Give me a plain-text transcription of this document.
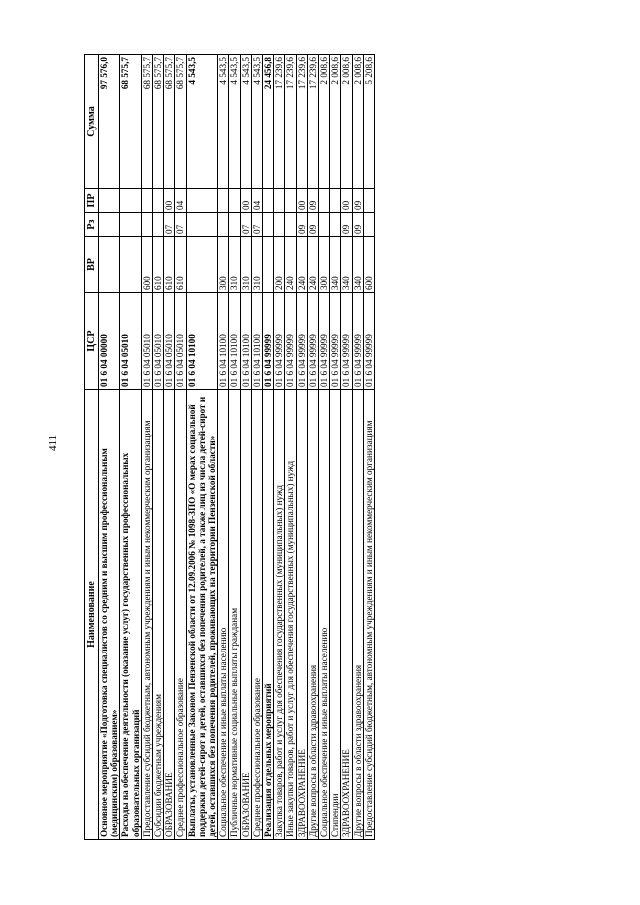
411
Наименование	ЦСР	ВР	Рз	ПР	Сумма
Основное мероприятие «Подготовка специалистов со средним и высшим профессиональным (медицинским) образованием»	01 6 04 00000				97 576,0
Расходы на обеспечение деятельности (оказание услуг) государственных профессиональных образовательных организаций	01 6 04 05010				68 575,7
Предоставление субсидий бюджетным, автономным учреждениям и иным некоммерческим организациям	01 6 04 05010	600			68 575,7
Субсидии бюджетным учреждениям	01 6 04 05010	610			68 575,7
ОБРАЗОВАНИЕ	01 6 04 05010	610	07	00	68 575,7
Среднее профессиональное образование	01 6 04 05010	610	07	04	68 575,7
Выплаты, установленные Законом Пензенской области от 12.09.2006 № 1098-ЗПО «О мерах социальной поддержки детей-сирот и детей, оставшихся без попечения родителей, а также лиц из числа детей-сирот и детей, оставшихся без попечения родителей, проживающих на территории Пензенской области»	01 6 04 10100				4 543,5
Социальное обеспечение и иные выплаты населению	01 6 04 10100	300			4 543,5
Публичные нормативные социальные выплаты гражданам	01 6 04 10100	310			4 543,5
ОБРАЗОВАНИЕ	01 6 04 10100	310	07	00	4 543,5
Среднее профессиональное образование	01 6 04 10100	310	07	04	4 543,5
Реализация отдельных мероприятий	01 6 04 99999				24 456,8
Закупка товаров, работ и услуг для обеспечения государственных (муниципальных) нужд	01 6 04 99999	200			17 239,6
Иные закупки товаров, работ и услуг для обеспечения государственных (муниципальных) нужд	01 6 04 99999	240			17 239,6
ЗДРАВООХРАНЕНИЕ	01 6 04 99999	240	09	00	17 239,6
Другие вопросы в области здравоохранения	01 6 04 99999	240	09	09	17 239,6
Социальное обеспечение и иные выплаты населению	01 6 04 99999	300			2 008,6
Стипендии	01 6 04 99999	340			2 008,6
ЗДРАВООХРАНЕНИЕ	01 6 04 99999	340	09	00	2 008,6
Другие вопросы в области здравоохранения	01 6 04 99999	340	09	09	2 008,6
Предоставление субсидий бюджетным, автономным учреждениям и иным некоммерческим организациям	01 6 04 99999	600			5 208,6
